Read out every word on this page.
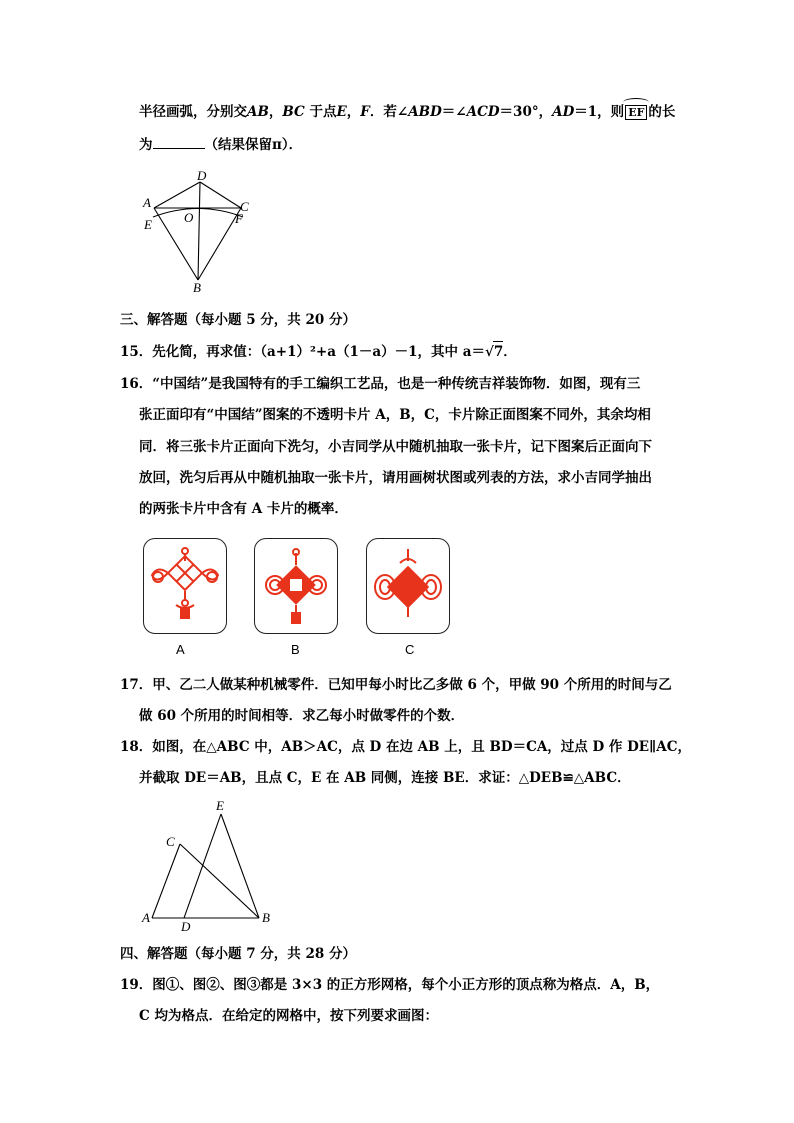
半径画弧，分别交AB，BC 于点E，F．若∠ABD＝∠ACD＝30°，AD＝1，则 EF 的长
为	（结果保留π）．
A
D
C
E O	F
B
三、解答题（每小题 5 分，共 20 分）
15．先化简，再求值：（a+1）²+a（1－a）－1，其中 a＝√7．
16．“中国结”是我国特有的手工编织工艺品，也是一种传统吉祥装饰物．如图，现有三
张正面印有“中国结”图案的不透明卡片 A，B，C，卡片除正面图案不同外，其余均相
同．将三张卡片正面向下洗匀，小吉同学从中随机抽取一张卡片，记下图案后正面向下
放回，洗匀后再从中随机抽取一张卡片，请用画树状图或列表的方法，求小吉同学抽出
的两张卡片中含有 A 卡片的概率．
A	B	C
17．甲、乙二人做某种机械零件．已知甲每小时比乙多做 6 个，甲做 90 个所用的时间与乙
做 60 个所用的时间相等．求乙每小时做零件的个数．
18．如图，在△ABC 中，AB＞AC，点 D 在边 AB 上，且 BD＝CA，过点 D 作 DE∥AC，
并截取 DE＝AB，且点 C，E 在 AB 同侧，连接 BE．求证：△DEB≌△ABC．
E
C
A
D
B
四、解答题（每小题 7 分，共 28 分）
19．图①、图②、图③都是 3×3 的正方形网格，每个小正方形的顶点称为格点．A，B，
C 均为格点．在给定的网格中，按下列要求画图：
